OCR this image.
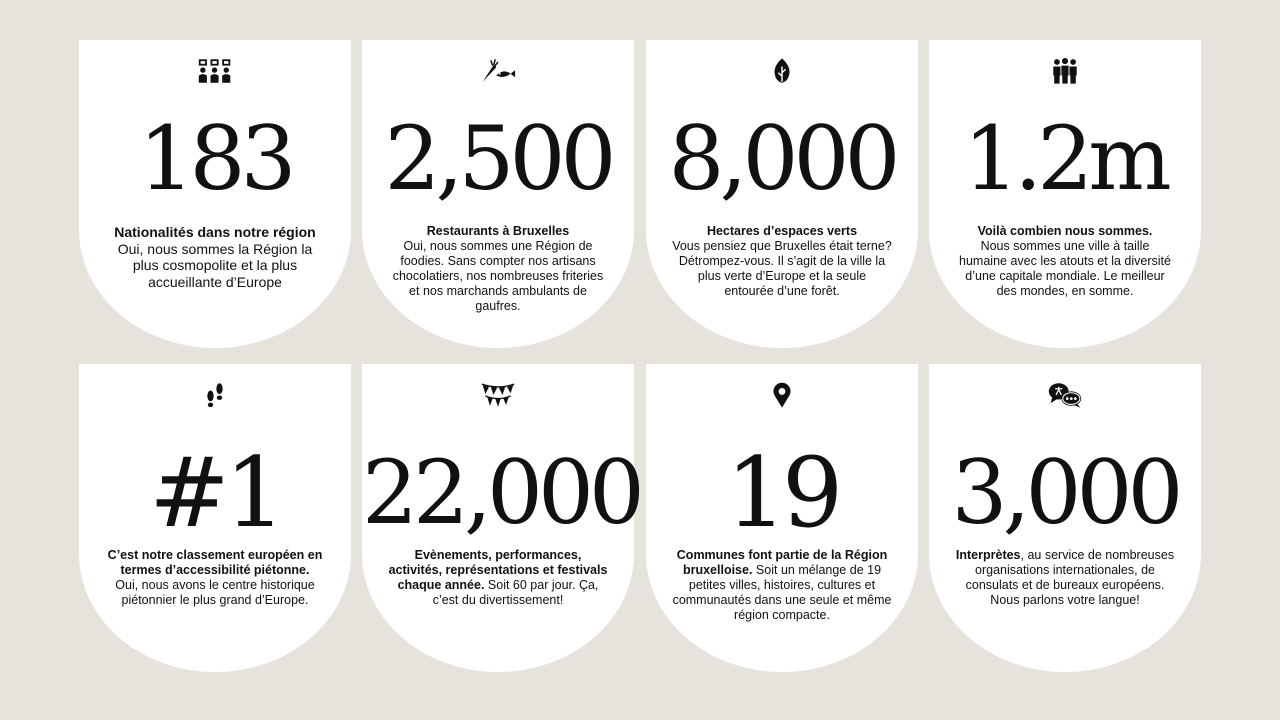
183
Nationalités dans notre région
Oui, nous sommes la Région la plus cosmopolite et la plus accueillante d’Europe
2,500
Restaurants à Bruxelles
Oui, nous sommes une Région de foodies. Sans compter nos artisans chocolatiers, nos nombreuses friteries et nos marchands ambulants de gaufres.
8,000
Hectares d’espaces verts
Vous pensiez que Bruxelles était terne? Détrompez-vous. Il s’agit de la ville la plus verte d’Europe et la seule entourée d’une forêt.
1.2m
Voilà combien nous sommes.
Nous sommes une ville à taille humaine avec les atouts et la diversité d’une capitale mondiale. Le meilleur des mondes, en somme.
#1
C’est notre classement européen en termes d’accessibilité piétonne.
Oui, nous avons le centre historique piétonnier le plus grand d’Europe.
22,000
Evènements, performances, activités, représentations et festivals chaque année. Soit 60 par jour. Ça, c’est du divertissement!
19
Communes font partie de la Région bruxelloise. Soit un mélange de 19 petites villes, histoires, cultures et communautés dans une seule et même région compacte.
3,000
Interprètes, au service de nombreuses organisations internationales, de consulats et de bureaux européens.
Nous parlons votre langue!
